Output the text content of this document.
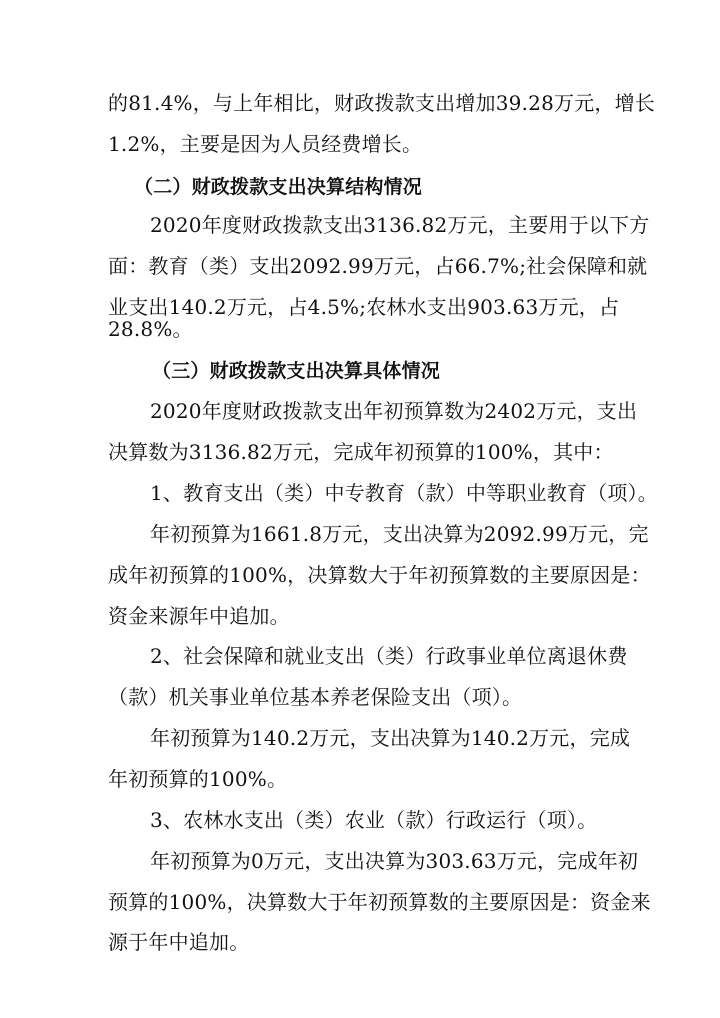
的81.4%，与上年相比，财政拨款支出增加39.28万元，增长
1.2%，主要是因为人员经费增长。
（二）财政拨款支出决算结构情况
2020年度财政拨款支出3136.82万元，主要用于以下方
面：教育（类）支出2092.99万元，占66.7%;社会保障和就
业支出140.2万元，占4.5%;农林水支出903.63万元，占
28.8%。
（三）财政拨款支出决算具体情况
2020年度财政拨款支出年初预算数为2402万元，支出
决算数为3136.82万元，完成年初预算的100%，其中：
1、教育支出（类）中专教育（款）中等职业教育（项）。
年初预算为1661.8万元，支出决算为2092.99万元，完
成年初预算的100%，决算数大于年初预算数的主要原因是：
资金来源年中追加。
2、社会保障和就业支出（类）行政事业单位离退休费
（款）机关事业单位基本养老保险支出（项）。
年初预算为140.2万元，支出决算为140.2万元，完成
年初预算的100%。
3、农林水支出（类）农业（款）行政运行（项）。
年初预算为0万元，支出决算为303.63万元，完成年初
预算的100%，决算数大于年初预算数的主要原因是：资金来
源于年中追加。
